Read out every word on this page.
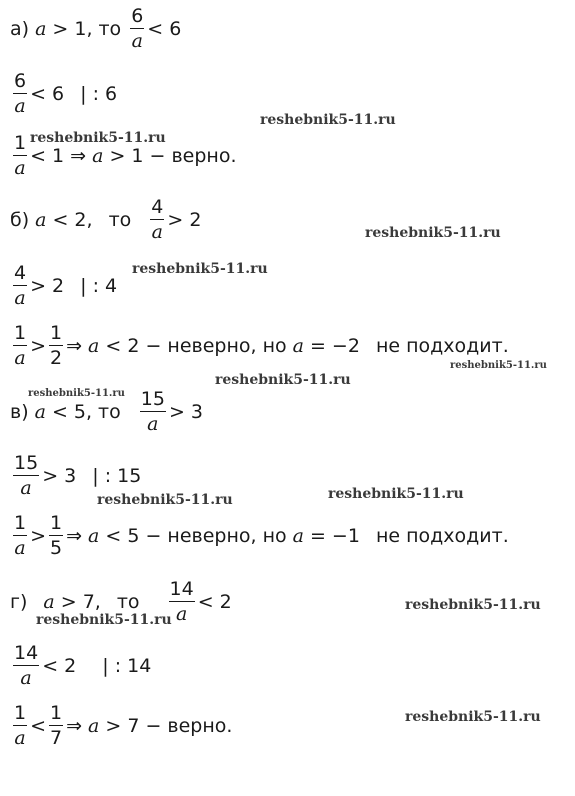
а) a > 1, то $\frac{6}{a} < 6$
$\frac{6}{a} < 6$ | : 6
$\frac{1}{a} < 1$ ⇒ a > 1 − верно.
б) a < 2, то $\frac{4}{a} > 2$
$\frac{4}{a} > 2$ | : 4
$\frac{1}{a} > \frac{1}{2}$ ⇒ a < 2 − неверно, но a = −2 не подходит.
в) a < 5, то $\frac{15}{a} > 3$
$\frac{15}{a} > 3$ | : 15
$\frac{1}{a} > \frac{1}{5}$ ⇒ a < 5 − неверно, но a = −1 не подходит.
г) a > 7, то $\frac{14}{a} < 2$
$\frac{14}{a} < 2$ | : 14
$\frac{1}{a} < \frac{1}{7}$ ⇒ a > 7 − верно.
reshebnik5-11.ru
reshebnik5-11.ru
reshebnik5-11.ru
reshebnik5-11.ru
reshebnik5-11.ru
reshebnik5-11.ru
reshebnik5-11.ru
reshebnik5-11.ru	reshebnik5-11.ru
reshebnik5-11.ru
reshebnik5-11.ru
reshebnik5-11.ru
